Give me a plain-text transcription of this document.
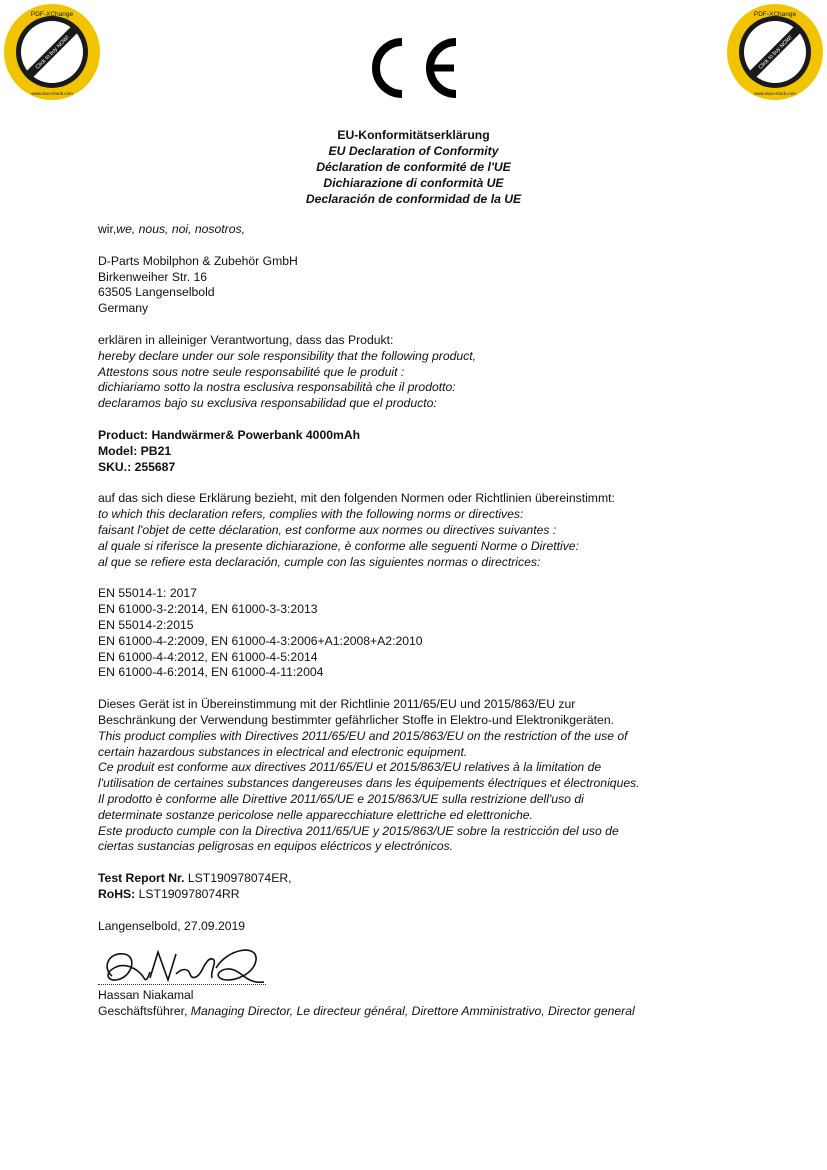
PDF-XChange
Click to buy NOW!
www.docu-track.com
PDF-XChange
Click to buy NOW!
www.docu-track.com
EU-Konformitätserklärung
EU Declaration of Conformity
Déclaration de conformité de l'UE
Dichiarazione di conformità UE
Declaración de conformidad de la UE

wir,we, nous, noi, nosotros,

D-Parts Mobilphon & Zubehör GmbH

Birkenweiher Str. 16

63505 Langenselbold

Germany

erklären in alleiniger Verantwortung, dass das Produkt:

hereby declare under our sole responsibility that the following product,

Attestons sous notre seule responsabilité que le produit :

dichiariamo sotto la nostra esclusiva responsabilità che il prodotto:

declaramos bajo su exclusiva responsabilidad que el producto:

Product: Handwärmer& Powerbank 4000mAh

Model: PB21

SKU.: 255687

auf das sich diese Erklärung bezieht, mit den folgenden Normen oder Richtlinien übereinstimmt:

to which this declaration refers, complies with the following norms or directives:

faisant l'objet de cette déclaration, est conforme aux normes ou directives suivantes :

al quale si riferisce la presente dichiarazione, è conforme alle seguenti Norme o Direttive:

al que se refiere esta declaración, cumple con las siguientes normas o directrices:

EN 55014-1: 2017

EN 61000-3-2:2014, EN 61000-3-3:2013

EN 55014-2:2015

EN 61000-4-2:2009, EN 61000-4-3:2006+A1:2008+A2:2010

EN 61000-4-4:2012, EN 61000-4-5:2014

EN 61000-4-6:2014, EN 61000-4-11:2004

Dieses Gerät ist in Übereinstimmung mit der Richtlinie 2011/65/EU und 2015/863/EU zur

Beschränkung der Verwendung bestimmter gefährlicher Stoffe in Elektro-und Elektronikgeräten.

This product complies with Directives 2011/65/EU and 2015/863/EU on the restriction of the use of

certain hazardous substances in electrical and electronic equipment.

Ce produit est conforme aux directives 2011/65/EU et 2015/863/EU relatives à la limitation de

l'utilisation de certaines substances dangereuses dans les équipements électriques et électroniques.

Il prodotto è conforme alle Direttive 2011/65/UE e 2015/863/UE sulla restrizione dell'uso di

determinate sostanze pericolose nelle apparecchiature elettriche ed elettroniche.

Este producto cumple con la Directiva 2011/65/UE y 2015/863/UE sobre la restricción del uso de

ciertas sustancias peligrosas en equipos eléctricos y electrónicos.

Test Report Nr. LST190978074ER,

RoHS: LST190978074RR

Langenselbold, 27.09.2019

Hassan Niakamal

Geschäftsführer, Managing Director, Le directeur général, Direttore Amministrativo, Director general
